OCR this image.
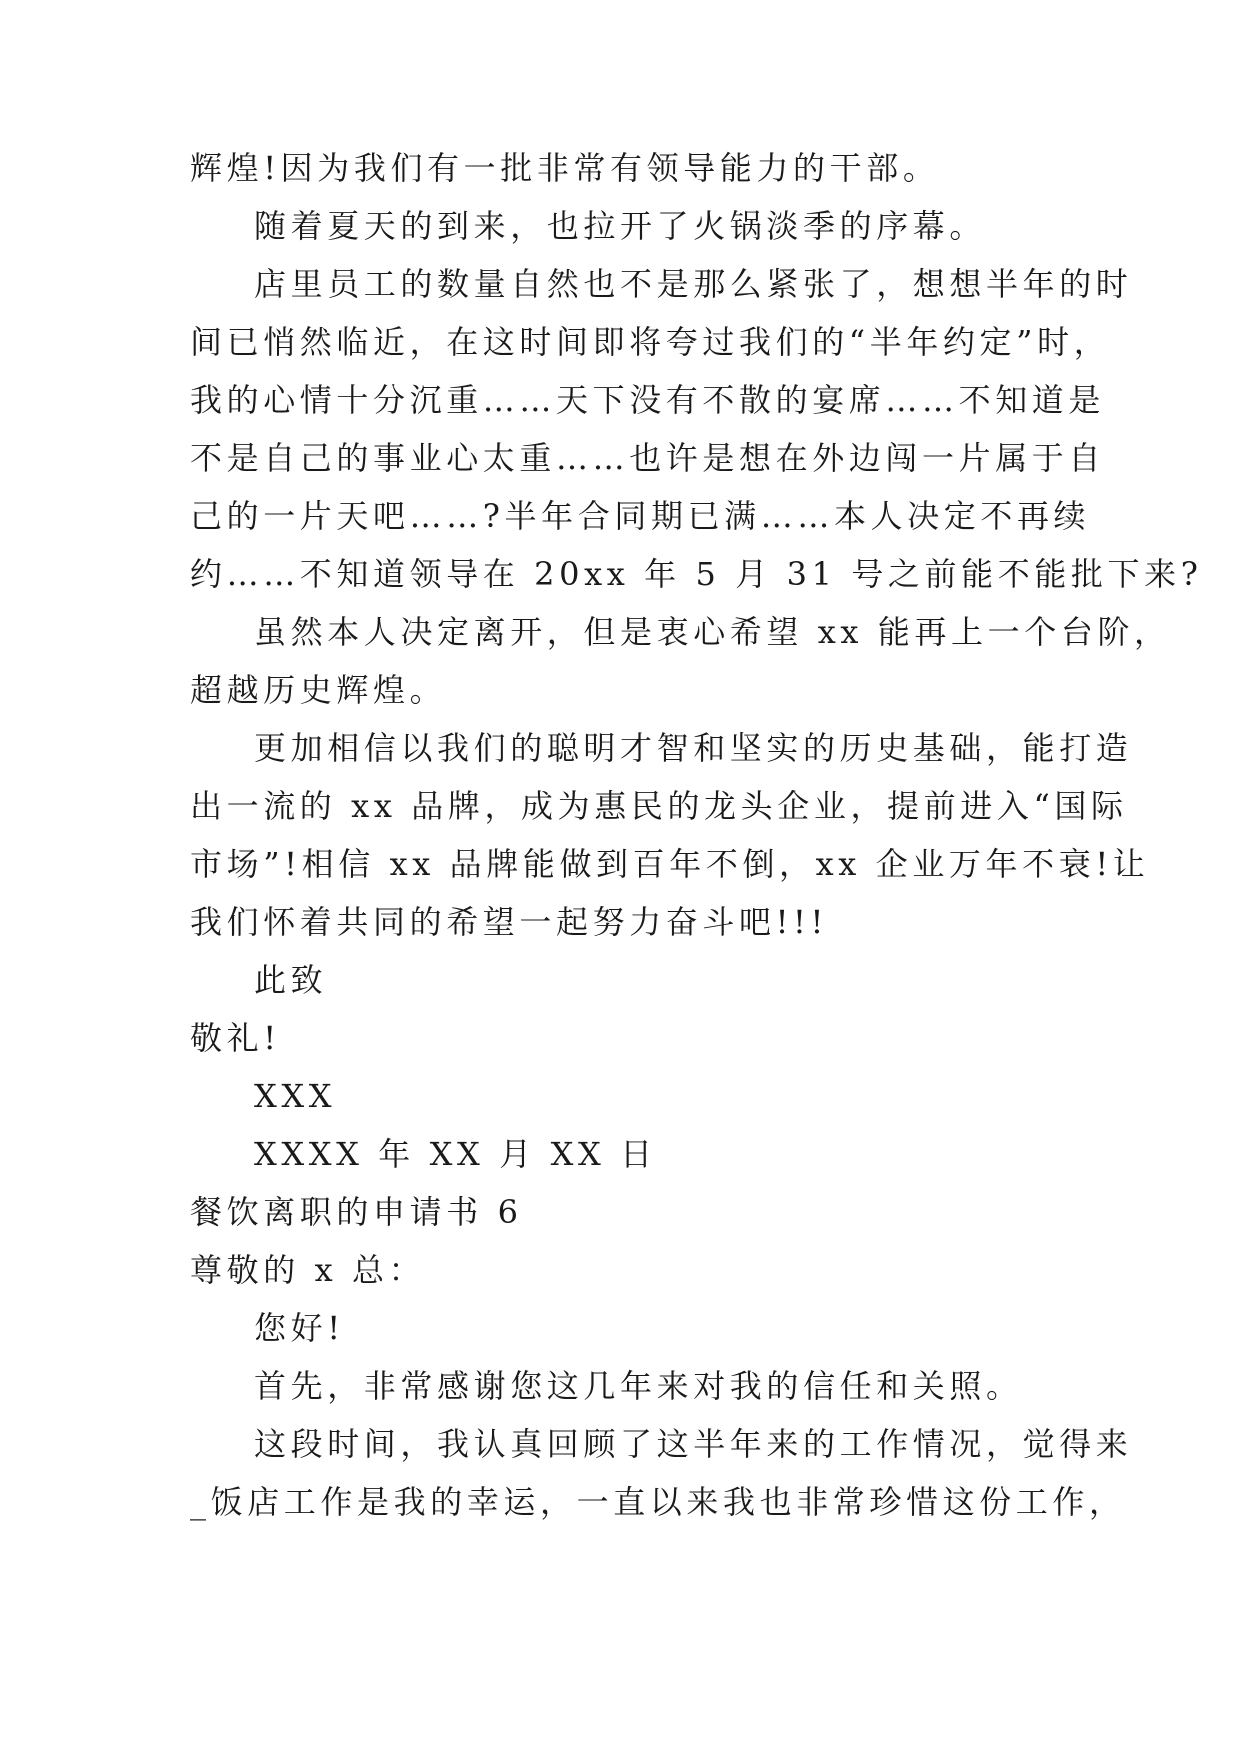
辉煌!因为我们有一批非常有领导能力的干部。
随着夏天的到来，也拉开了火锅淡季的序幕。
店里员工的数量自然也不是那么紧张了，想想半年的时
间已悄然临近，在这时间即将夸过我们的“半年约定”时，
我的心情十分沉重……天下没有不散的宴席……不知道是
不是自己的事业心太重……也许是想在外边闯一片属于自
己的一片天吧……?半年合同期已满……本人决定不再续
约……不知道领导在 20xx 年 5 月 31 号之前能不能批下来?
虽然本人决定离开，但是衷心希望 xx 能再上一个台阶，
超越历史辉煌。
更加相信以我们的聪明才智和坚实的历史基础，能打造
出一流的 xx 品牌，成为惠民的龙头企业，提前进入“国际
市场”!相信 xx 品牌能做到百年不倒，xx 企业万年不衰!让
我们怀着共同的希望一起努力奋斗吧!!!
此致
敬礼!
XXX
XXXX 年 XX 月 XX 日
餐饮离职的申请书 6
尊敬的 x 总：
您好!
首先，非常感谢您这几年来对我的信任和关照。
这段时间，我认真回顾了这半年来的工作情况，觉得来
_饭店工作是我的幸运，一直以来我也非常珍惜这份工作，
